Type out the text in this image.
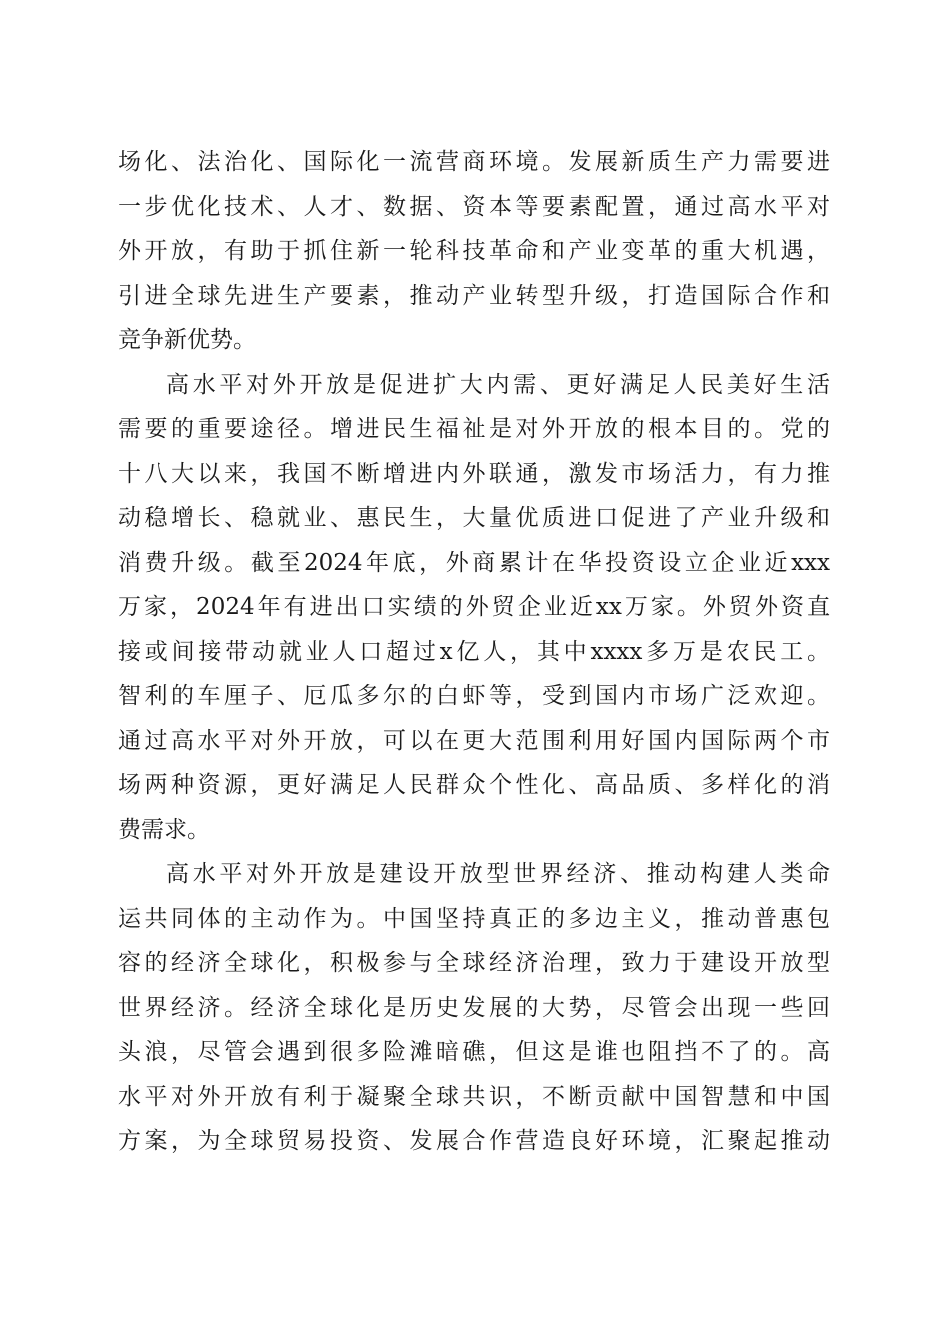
场化、法治化、国际化一流营商环境。发展新质生产力需要进
一步优化技术、人才、数据、资本等要素配置，通过高水平对
外开放，有助于抓住新一轮科技革命和产业变革的重大机遇，
引进全球先进生产要素，推动产业转型升级，打造国际合作和
竞争新优势。
高水平对外开放是促进扩大内需、更好满足人民美好生活
需要的重要途径。增进民生福祉是对外开放的根本目的。党的
十八大以来，我国不断增进内外联通，激发市场活力，有力推
动稳增长、稳就业、惠民生，大量优质进口促进了产业升级和
消费升级。截至2024年底，外商累计在华投资设立企业近xxx
万家，2024年有进出口实绩的外贸企业近xx万家。外贸外资直
接或间接带动就业人口超过x亿人，其中xxxx多万是农民工。
智利的车厘子、厄瓜多尔的白虾等，受到国内市场广泛欢迎。
通过高水平对外开放，可以在更大范围利用好国内国际两个市
场两种资源，更好满足人民群众个性化、高品质、多样化的消
费需求。
高水平对外开放是建设开放型世界经济、推动构建人类命
运共同体的主动作为。中国坚持真正的多边主义，推动普惠包
容的经济全球化，积极参与全球经济治理，致力于建设开放型
世界经济。经济全球化是历史发展的大势，尽管会出现一些回
头浪，尽管会遇到很多险滩暗礁，但这是谁也阻挡不了的。高
水平对外开放有利于凝聚全球共识，不断贡献中国智慧和中国
方案，为全球贸易投资、发展合作营造良好环境，汇聚起推动
